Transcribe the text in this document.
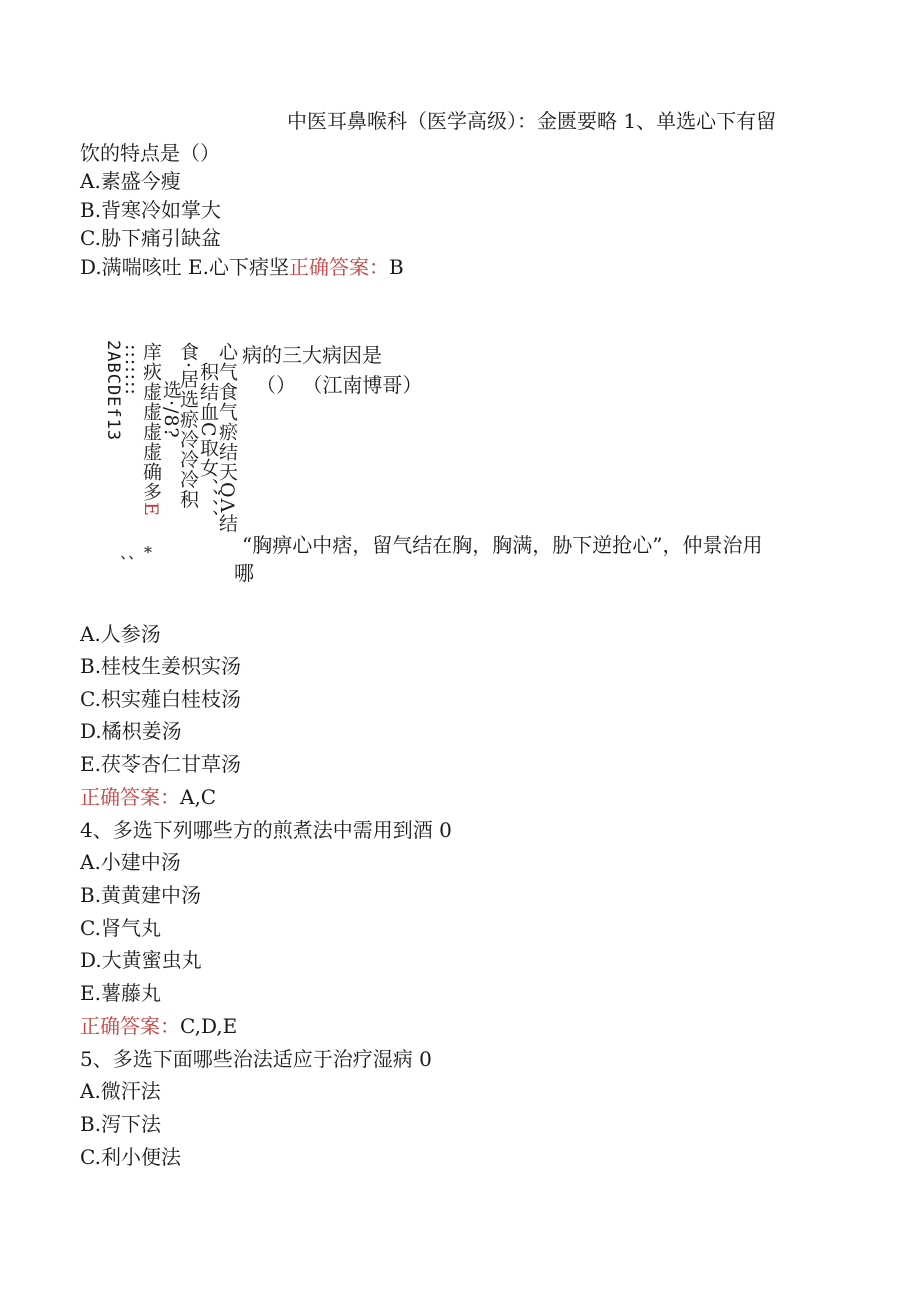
中医耳鼻喉科（医学高级）：金匮要略 1、单选心下有留
饮的特点是（）
A.素盛今瘦
B.背寒冷如掌大
C.胁下痛引缺盆
D.满喘咳吐 E.心下痞坚正确答案：B
2ABCDEf13
:::::::
庠疢虚虚虚虚确多E
选·/8?
食·居选瘀冷冷冷积
积结血C取女、、、、
心气食气瘀结天QΛ结 病的三大病因是
（） （江南博哥）
、、*	“胸痹心中痞，留气结在胸，胸满，胁下逆抢心”，仲景治用
哪
A.人参汤
B.桂枝生姜枳实汤
C.枳实薤白桂枝汤
D.橘枳姜汤
E.茯苓杏仁甘草汤
正确答案：A,C
4、多选下列哪些方的煎煮法中需用到酒 0
A.小建中汤
B.黄黄建中汤
C.肾气丸
D.大黄蜜虫丸
E.薯藤丸
正确答案：C,D,E
5、多选下面哪些治法适应于治疗湿病 0
A.微汗法
B.泻下法
C.利小便法
